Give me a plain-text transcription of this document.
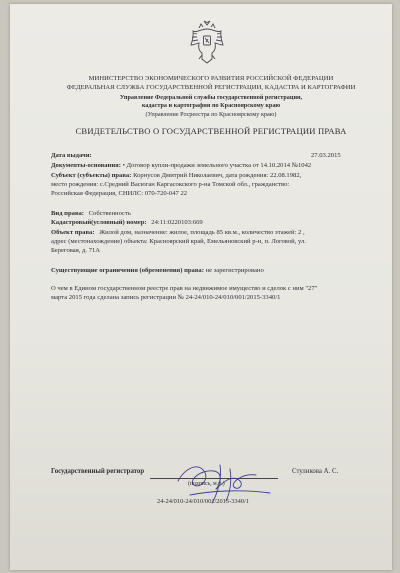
МИНИСТЕРСТВО ЭКОНОМИЧЕСКОГО РАЗВИТИЯ РОССИЙСКОЙ ФЕДЕРАЦИИ
ФЕДЕРАЛЬНАЯ СЛУЖБА ГОСУДАРСТВЕННОЙ РЕГИСТРАЦИИ, КАДАСТРА И КАРТОГРАФИИ
Управление Федеральной службы государственной регистрации,
кадастра и картографии по Красноярскому краю
(Управление Росреестра по Красноярскому краю)
СВИДЕТЕЛЬСТВО О ГОСУДАРСТВЕННОЙ РЕГИСТРАЦИИ ПРАВА
Дата выдачи:	27.03.2015
Документы-основания: • Договор купли-продажи земельного участка от 14.10.2014 №1042
Субъект (субъекты) права: Корнусов Дмитрий Николаевич, дата рождения: 22.08.1982,
место рождения: с.Средний Васюган Каргасокского р-на Томской обл., гражданство:
Российская Федерация, СНИЛС: 070-720-047 22
Вид права: Собственность
Кадастровый(условный) номер: 24:11:0220103:669
Объект права: Жилой дом, назначение: жилое, площадь 85 кв.м., количество этажей: 2 ,
адрес (местонахождение) объекта: Красноярский край, Емельяновский р-н, п. Логовой, ул.
Береговая, д. 71А
Существующие ограничения (обременения) права: не зарегистрировано
О чем в Едином государственном реестре прав на недвижимое имущество и сделок с ним "27"
марта 2015 года сделана запись регистрации № 24-24/010-24/010/001/2015-3340/1
Государственный регистратор	Стуликова А. С.
(подпись, м.п.)
24-24/010-24/010/001/2015-3340/1
